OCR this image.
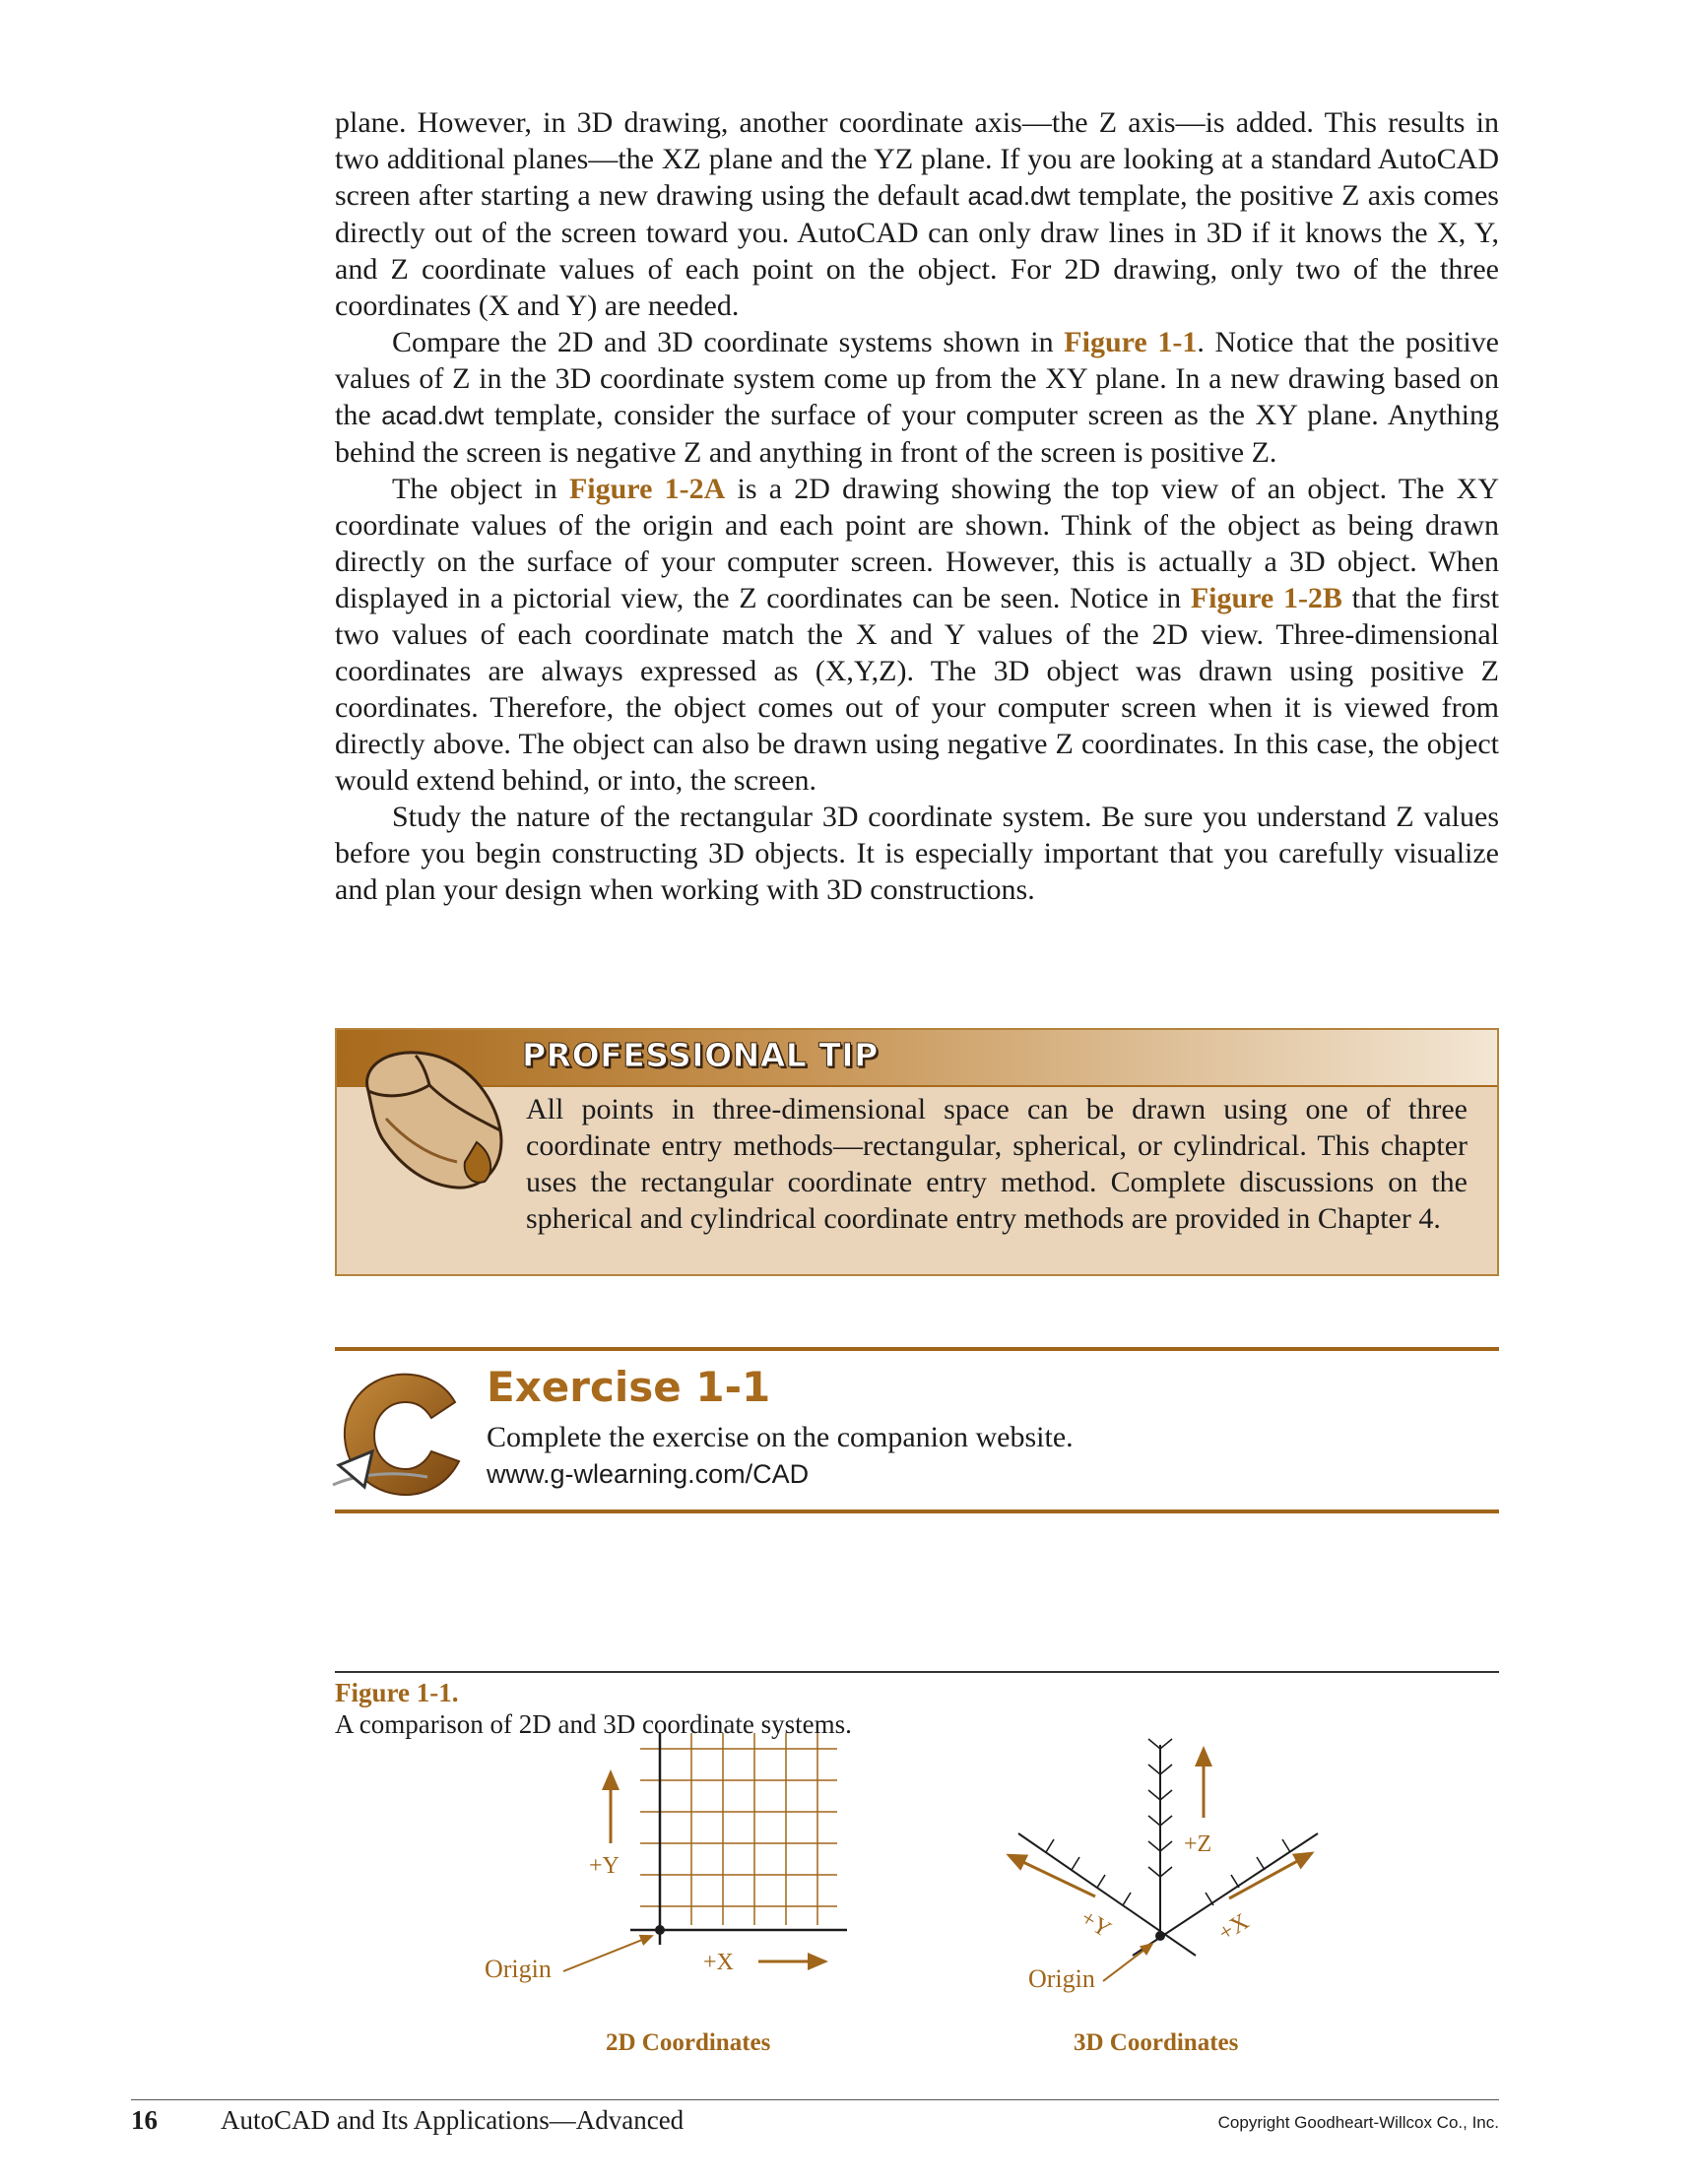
plane. However, in 3D drawing, another coordinate axis—the Z axis—is added. This results in two additional planes—the XZ plane and the YZ plane. If you are looking at a standard AutoCAD screen after starting a new drawing using the default acad.dwt template, the positive Z axis comes directly out of the screen toward you. AutoCAD can only draw lines in 3D if it knows the X, Y, and Z coordinate values of each point on the object. For 2D drawing, only two of the three coordinates (X and Y) are needed.

Compare the 2D and 3D coordinate systems shown in Figure 1-1. Notice that the positive values of Z in the 3D coordinate system come up from the XY plane. In a new drawing based on the acad.dwt template, consider the surface of your computer screen as the XY plane. Anything behind the screen is negative Z and anything in front of the screen is positive Z.

The object in Figure 1-2A is a 2D drawing showing the top view of an object. The XY coordinate values of the origin and each point are shown. Think of the object as being drawn directly on the surface of your computer screen. However, this is actually a 3D object. When displayed in a pictorial view, the Z coordinates can be seen. Notice in Figure 1-2B that the first two values of each coordinate match the X and Y values of the 2D view. Three-dimensional coordinates are always expressed as (X,Y,Z). The 3D object was drawn using positive Z coordinates. Therefore, the object comes out of your computer screen when it is viewed from directly above. The object can also be drawn using negative Z coordinates. In this case, the object would extend behind, or into, the screen.

Study the nature of the rectangular 3D coordinate system. Be sure you understand Z values before you begin constructing 3D objects. It is especially important that you carefully visualize and plan your design when working with 3D constructions.

PROFESSIONAL TIP

All points in three-dimensional space can be drawn using one of three coordinate entry methods—rectangular, spherical, or cylindrical. This chapter uses the rectangular coordinate entry method. Complete discussions on the spherical and cylindrical coordinate entry methods are provided in Chapter 4.

Exercise 1-1
Complete the exercise on the companion website.
www.g-wlearning.com/CAD
Figure 1-1.
A comparison of 2D and 3D coordinate systems.
+Y
+X
Origin
2D Coordinates
+Z
+Y	+X
Origin
3D Coordinates
16 AutoCAD and Its Applications—Advanced	Copyright Goodheart-Willcox Co., Inc.
